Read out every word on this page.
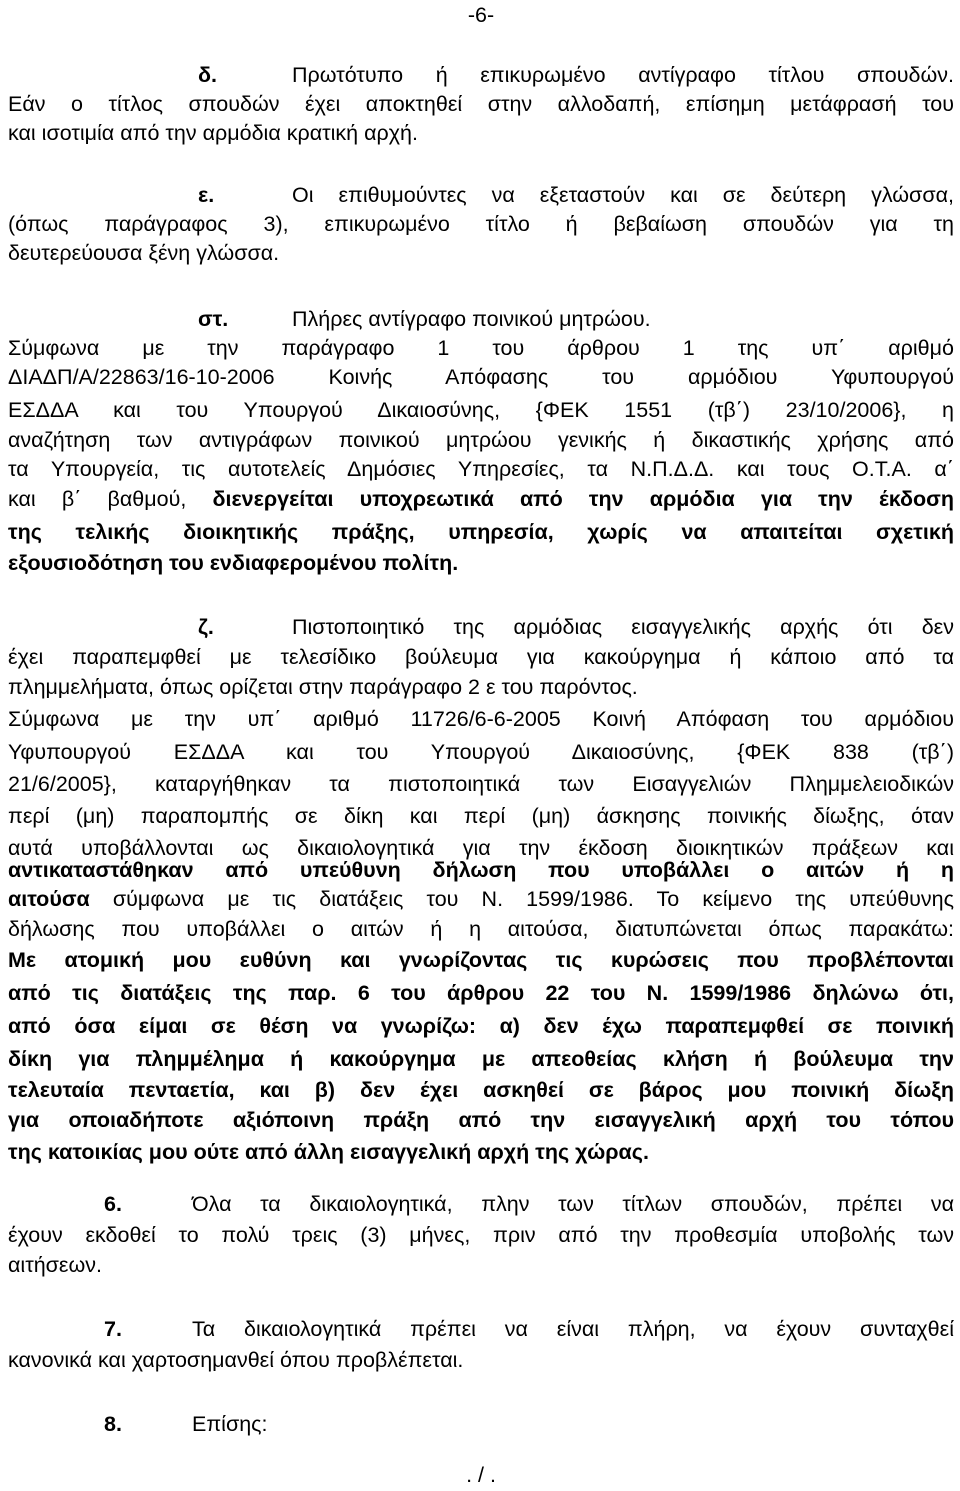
-6-
δ.	Πρωτότυπο ή επικυρωμένο αντίγραφο τίτλου σπουδών.
Εάν ο τίτλος σπουδών έχει αποκτηθεί στην αλλοδαπή, επίσημη μετάφρασή του
και ισοτιμία από την αρμόδια κρατική αρχή.
ε.	Οι επιθυμούντες να εξεταστούν και σε δεύτερη γλώσσα,
(όπως παράγραφος 3), επικυρωμένο τίτλο ή βεβαίωση σπουδών για τη
δευτερεύουσα ξένη γλώσσα.
στ.	Πλήρες αντίγραφο ποινικού μητρώου.
Σύμφωνα με την παράγραφο 1 του άρθρου 1 της υπ΄ αριθμό
ΔΙΑΔΠ/Α/22863/16-10-2006 Κοινής Απόφασης του αρμόδιου Υφυπουργού
ΕΣΔΔΑ και του Υπουργού Δικαιοσύνης, {ΦΕΚ 1551 (τβ΄) 23/10/2006}, η
αναζήτηση των αντιγράφων ποινικού μητρώου γενικής ή δικαστικής χρήσης από
τα Υπουργεία, τις αυτοτελείς Δημόσιες Υπηρεσίες, τα Ν.Π.Δ.Δ. και τους Ο.Τ.Α. α΄
και β΄ βαθμού, διενεργείται υποχρεωτικά από την αρμόδια για την έκδοση
της τελικής διοικητικής πράξης, υπηρεσία, χωρίς να απαιτείται σχετική
εξουσιοδότηση του ενδιαφερομένου πολίτη.
ζ.	Πιστοποιητικό της αρμόδιας εισαγγελικής αρχής ότι δεν
έχει παραπεμφθεί με τελεσίδικο βούλευμα για κακούργημα ή κάποιο από τα
πλημμελήματα, όπως ορίζεται στην παράγραφο 2 ε του παρόντος.
Σύμφωνα με την υπ΄ αριθμό 11726/6-6-2005 Κοινή Απόφαση του αρμόδιου
Υφυπουργού ΕΣΔΔΑ και του Υπουργού Δικαιοσύνης, {ΦΕΚ 838 (τβ΄)
21/6/2005}, καταργήθηκαν τα πιστοποιητικά των Εισαγγελιών Πλημμελειοδικών
περί (μη) παραπομπής σε δίκη και περί (μη) άσκησης ποινικής δίωξης, όταν
αυτά υποβάλλονται ως δικαιολογητικά για την έκδοση διοικητικών πράξεων και
αντικαταστάθηκαν από υπεύθυνη δήλωση που υποβάλλει ο αιτών ή η
αιτούσα σύμφωνα με τις διατάξεις του Ν. 1599/1986. Το κείμενο της υπεύθυνης
δήλωσης που υποβάλλει ο αιτών ή η αιτούσα, διατυπώνεται όπως παρακάτω:
Με ατομική μου ευθύνη και γνωρίζοντας τις κυρώσεις που προβλέπονται
από τις διατάξεις της παρ. 6 του άρθρου 22 του Ν. 1599/1986 δηλώνω ότι,
από όσα είμαι σε θέση να γνωρίζω: α) δεν έχω παραπεμφθεί σε ποινική
δίκη για πλημμέλημα ή κακούργημα με απεοθείας κλήση ή βούλευμα την
τελευταία πενταετία, και β) δεν έχει ασκηθεί σε βάρος μου ποινική δίωξη
για οποιαδήποτε αξιόποινη πράξη από την εισαγγελική αρχή του τόπου
της κατοικίας μου ούτε από άλλη εισαγγελική αρχή της χώρας.
6.	Όλα τα δικαιολογητικά, πλην των τίτλων σπουδών, πρέπει να
έχουν εκδοθεί το πολύ τρεις (3) μήνες, πριν από την προθεσμία υποβολής των
αιτήσεων.
7.	Τα δικαιολογητικά πρέπει να είναι πλήρη, να έχουν συνταχθεί
κανονικά και χαρτοσημανθεί όπου προβλέπεται.
8.	Επίσης:
. / .
